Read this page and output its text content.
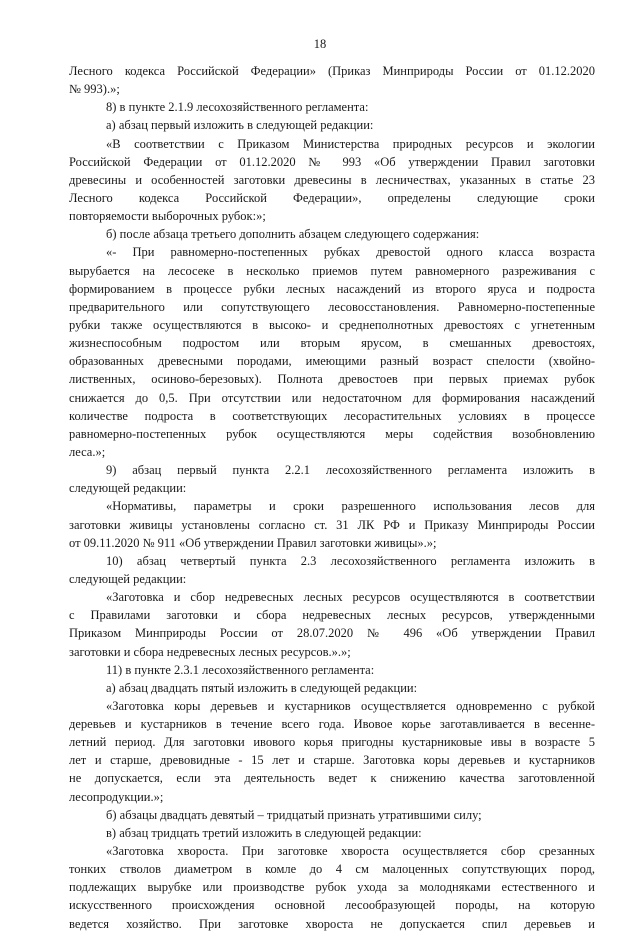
18
Лесного кодекса Российской Федерации» (Приказ Минприроды России от 01.12.2020
№ 993).»;
8) в пункте 2.1.9 лесохозяйственного регламента:
а) абзац первый изложить в следующей редакции:
«В соответствии с Приказом Министерства природных ресурсов и экологии
Российской Федерации от 01.12.2020 № 993 «Об утверждении Правил заготовки
древесины и особенностей заготовки древесины в лесничествах, указанных в статье 23
Лесного кодекса Российской Федерации», определены следующие сроки
повторяемости выборочных рубок:»;
б) после абзаца третьего дополнить абзацем следующего содержания:
«- При равномерно-постепенных рубках древостой одного класса возраста
вырубается на лесосеке в несколько приемов путем равномерного разреживания с
формированием в процессе рубки лесных насаждений из второго яруса и подроста
предварительного или сопутствующего лесовосстановления. Равномерно-постепенные
рубки также осуществляются в высоко- и среднеполнотных древостоях с угнетенным
жизнеспособным подростом или вторым ярусом, в смешанных древостоях,
образованных древесными породами, имеющими разный возраст спелости (хвойно-
лиственных, осиново-березовых). Полнота древостоев при первых приемах рубок
снижается до 0,5. При отсутствии или недостаточном для формирования насаждений
количестве подроста в соответствующих лесорастительных условиях в процессе
равномерно-постепенных рубок осуществляются меры содействия возобновлению
леса.»;
9) абзац первый пункта 2.2.1 лесохозяйственного регламента изложить в
следующей редакции:
«Нормативы, параметры и сроки разрешенного использования лесов для
заготовки живицы установлены согласно ст. 31 ЛК РФ и Приказу Минприроды России
от 09.11.2020 № 911 «Об утверждении Правил заготовки живицы».»;
10) абзац четвертый пункта 2.3 лесохозяйственного регламента изложить в
следующей редакции:
«Заготовка и сбор недревесных лесных ресурсов осуществляются в соответствии
с Правилами заготовки и сбора недревесных лесных ресурсов, утвержденными
Приказом Минприроды России от 28.07.2020 № 496 «Об утверждении Правил
заготовки и сбора недревесных лесных ресурсов.».»;
11) в пункте 2.3.1 лесохозяйственного регламента:
а) абзац двадцать пятый изложить в следующей редакции:
«Заготовка коры деревьев и кустарников осуществляется одновременно с рубкой
деревьев и кустарников в течение всего года. Ивовое корье заготавливается в весенне-
летний период. Для заготовки ивового корья пригодны кустарниковые ивы в возрасте 5
лет и старше, древовидные - 15 лет и старше. Заготовка коры деревьев и кустарников
не допускается, если эта деятельность ведет к снижению качества заготовленной
лесопродукции.»;
б) абзацы двадцать девятый – тридцатый признать утратившими силу;
в) абзац тридцать третий изложить в следующей редакции:
«Заготовка хвороста. При заготовке хвороста осуществляется сбор срезанных
тонких стволов диаметром в комле до 4 см малоценных сопутствующих пород,
подлежащих вырубке или производстве рубок ухода за молодняками естественного и
искусственного происхождения основной лесообразующей породы, на которую
ведется хозяйство. При заготовке хвороста не допускается спил деревьев и
